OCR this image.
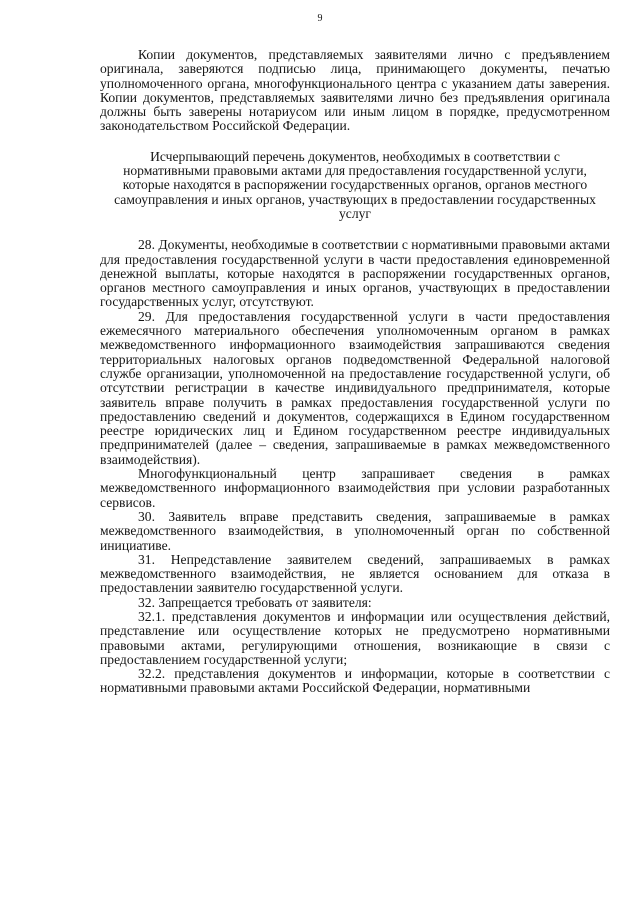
9

Копии документов, представляемых заявителями лично с предъявлением оригинала, заверяются подписью лица, принимающего документы, печатью уполномоченного органа, многофункционального центра с указанием даты заверения. Копии документов, представляемых заявителями лично без предъявления оригинала должны быть заверены нотариусом или иным лицом в порядке, предусмотренном законодательством Российской Федерации.

Исчерпывающий перечень документов, необходимых в соответствии с нормативными правовыми актами для предоставления государственной услуги, которые находятся в распоряжении государственных органов, органов местного самоуправления и иных органов, участвующих в предоставлении государственных услуг

28. Документы, необходимые в соответствии с нормативными правовыми актами для предоставления государственной услуги в части предоставления единовременной денежной выплаты, которые находятся в распоряжении государственных органов, органов местного самоуправления и иных органов, участвующих в предоставлении государственных услуг, отсутствуют.

29. Для предоставления государственной услуги в части предоставления ежемесячного материального обеспечения уполномоченным органом в рамках межведомственного информационного взаимодействия запрашиваются сведения территориальных налоговых органов подведомственной Федеральной налоговой службе организации, уполномоченной на предоставление государственной услуги, об отсутствии регистрации в качестве индивидуального предпринимателя, которые заявитель вправе получить в рамках предоставления государственной услуги по предоставлению сведений и документов, содержащихся в Едином государственном реестре юридических лиц и Едином государственном реестре индивидуальных предпринимателей (далее – сведения, запрашиваемые в рамках межведомственного взаимодействия).

Многофункциональный центр запрашивает сведения в рамках межведомственного информационного взаимодействия при условии разработанных сервисов.

30. Заявитель вправе представить сведения, запрашиваемые в рамках межведомственного взаимодействия, в уполномоченный орган по собственной инициативе.

31. Непредставление заявителем сведений, запрашиваемых в рамках межведомственного взаимодействия, не является основанием для отказа в предоставлении заявителю государственной услуги.

32. Запрещается требовать от заявителя:

32.1. представления документов и информации или осуществления действий, представление или осуществление которых не предусмотрено нормативными правовыми актами, регулирующими отношения, возникающие в связи с предоставлением государственной услуги;

32.2. представления документов и информации, которые в соответствии с нормативными правовыми актами Российской Федерации, нормативными
